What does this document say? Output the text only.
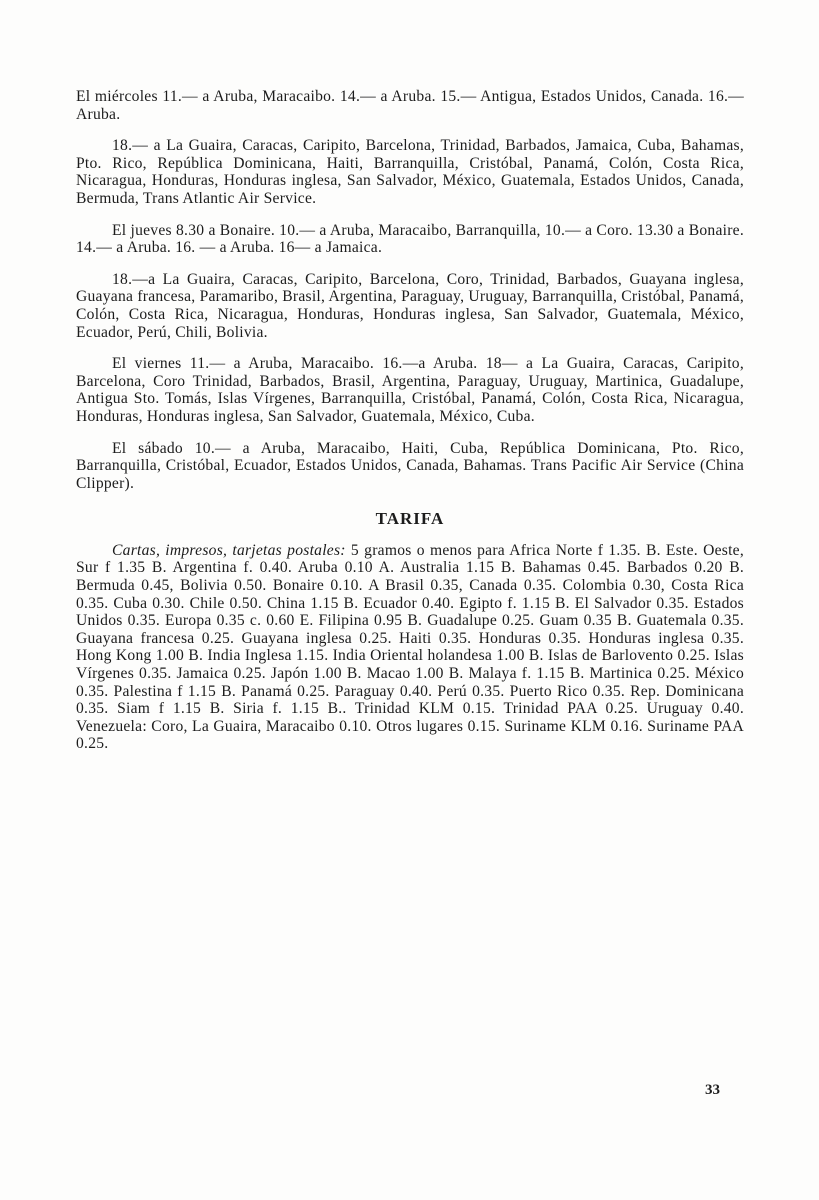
El miércoles 11.— a Aruba, Maracaibo. 14.— a Aruba. 15.— Antigua, Estados Unidos, Canada. 16.—Aruba.

18.— a La Guaira, Caracas, Caripito, Barcelona, Trinidad, Barbados, Jamaica, Cuba, Bahamas, Pto. Rico, República Dominicana, Haiti, Barranquilla, Cristóbal, Panamá, Colón, Costa Rica, Nicaragua, Honduras, Honduras inglesa, San Salvador, México, Guatemala, Estados Unidos, Canada, Bermuda, Trans Atlantic Air Service.

El jueves 8.30 a Bonaire. 10.— a Aruba, Maracaibo, Barranquilla, 10.— a Coro. 13.30 a Bonaire. 14.— a Aruba. 16. — a Aruba. 16— a Jamaica.

18.—a La Guaira, Caracas, Caripito, Barcelona, Coro, Trinidad, Barbados, Guayana inglesa, Guayana francesa, Paramaribo, Brasil, Argentina, Paraguay, Uruguay, Barranquilla, Cristóbal, Panamá, Colón, Costa Rica, Nicaragua, Honduras, Honduras inglesa, San Salvador, Guatemala, México, Ecuador, Perú, Chili, Bolivia.

El viernes 11.— a Aruba, Maracaibo. 16.—a Aruba. 18— a La Guaira, Caracas, Caripito, Barcelona, Coro Trinidad, Barbados, Brasil, Argentina, Paraguay, Uruguay, Martinica, Guadalupe, Antigua Sto. Tomás, Islas Vírgenes, Barranquilla, Cristóbal, Panamá, Colón, Costa Rica, Nicaragua, Honduras, Honduras inglesa, San Salvador, Guatemala, México, Cuba.

El sábado 10.— a Aruba, Maracaibo, Haiti, Cuba, República Dominicana, Pto. Rico, Barranquilla, Cristóbal, Ecuador, Estados Unidos, Canada, Bahamas. Trans Pacific Air Service (China Clipper).

TARIFA

Cartas, impresos, tarjetas postales: 5 gramos o menos para Africa Norte f 1.35. B. Este. Oeste, Sur f 1.35 B. Argentina f. 0.40. Aruba 0.10 A. Australia 1.15 B. Bahamas 0.45. Barbados 0.20 B. Bermuda 0.45, Bolivia 0.50. Bonaire 0.10. A Brasil 0.35, Canada 0.35. Colombia 0.30, Costa Rica 0.35. Cuba 0.30. Chile 0.50. China 1.15 B. Ecuador 0.40. Egipto f. 1.15 B. El Salvador 0.35. Estados Unidos 0.35. Europa 0.35 c. 0.60 E. Filipina 0.95 B. Guadalupe 0.25. Guam 0.35 B. Guatemala 0.35. Guayana francesa 0.25. Guayana inglesa 0.25. Haiti 0.35. Honduras 0.35. Honduras inglesa 0.35. Hong Kong 1.00 B. India Inglesa 1.15. India Oriental holandesa 1.00 B. Islas de Barlovento 0.25. Islas Vírgenes 0.35. Jamaica 0.25. Japón 1.00 B. Macao 1.00 B. Malaya f. 1.15 B. Martinica 0.25. México 0.35. Palestina f 1.15 B. Panamá 0.25. Paraguay 0.40. Perú 0.35. Puerto Rico 0.35. Rep. Dominicana 0.35. Siam f 1.15 B. Siria f. 1.15 B.. Trinidad KLM 0.15. Trinidad PAA 0.25. Uruguay 0.40. Venezuela: Coro, La Guaira, Maracaibo 0.10. Otros lugares 0.15. Suriname KLM 0.16. Suriname PAA 0.25.

33
